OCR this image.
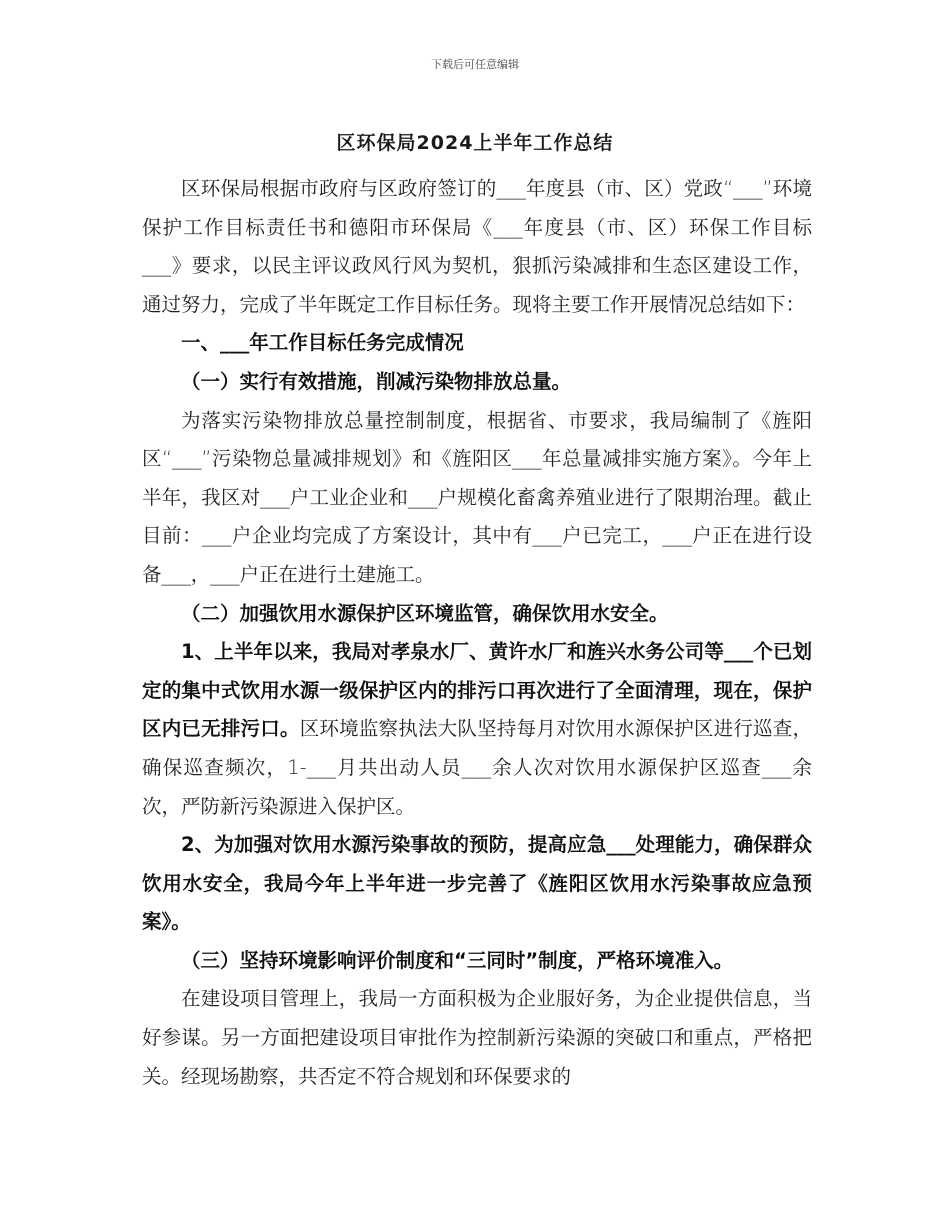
下载后可任意编辑
区环保局2024上半年工作总结

区环保局根据市政府与区政府签订的___年度县（市、区）党政“___”环境保护工作目标责任书和德阳市环保局《___年度县（市、区）环保工作目标___》要求，以民主评议政风行风为契机，狠抓污染减排和生态区建设工作，通过努力，完成了半年既定工作目标任务。现将主要工作开展情况总结如下：

一、___年工作目标任务完成情况

（一）实行有效措施，削减污染物排放总量。

为落实污染物排放总量控制制度，根据省、市要求，我局编制了《旌阳区“___”污染物总量减排规划》和《旌阳区___年总量减排实施方案》。今年上半年，我区对___户工业企业和___户规模化畜禽养殖业进行了限期治理。截止目前：___户企业均完成了方案设计，其中有___户已完工，___户正在进行设备___，___户正在进行土建施工。

（二）加强饮用水源保护区环境监管，确保饮用水安全。

1、上半年以来，我局对孝泉水厂、黄许水厂和旌兴水务公司等___个已划定的集中式饮用水源一级保护区内的排污口再次进行了全面清理，现在，保护区内已无排污口。区环境监察执法大队坚持每月对饮用水源保护区进行巡查，确保巡查频次，1-___月共出动人员___余人次对饮用水源保护区巡查___余次，严防新污染源进入保护区。

2、为加强对饮用水源污染事故的预防，提高应急___处理能力，确保群众饮用水安全，我局今年上半年进一步完善了《旌阳区饮用水污染事故应急预案》。

（三）坚持环境影响评价制度和“三同时”制度，严格环境准入。

在建设项目管理上，我局一方面积极为企业服好务，为企业提供信息，当好参谋。另一方面把建设项目审批作为控制新污染源的突破口和重点，严格把关。经现场勘察，共否定不符合规划和环保要求的
